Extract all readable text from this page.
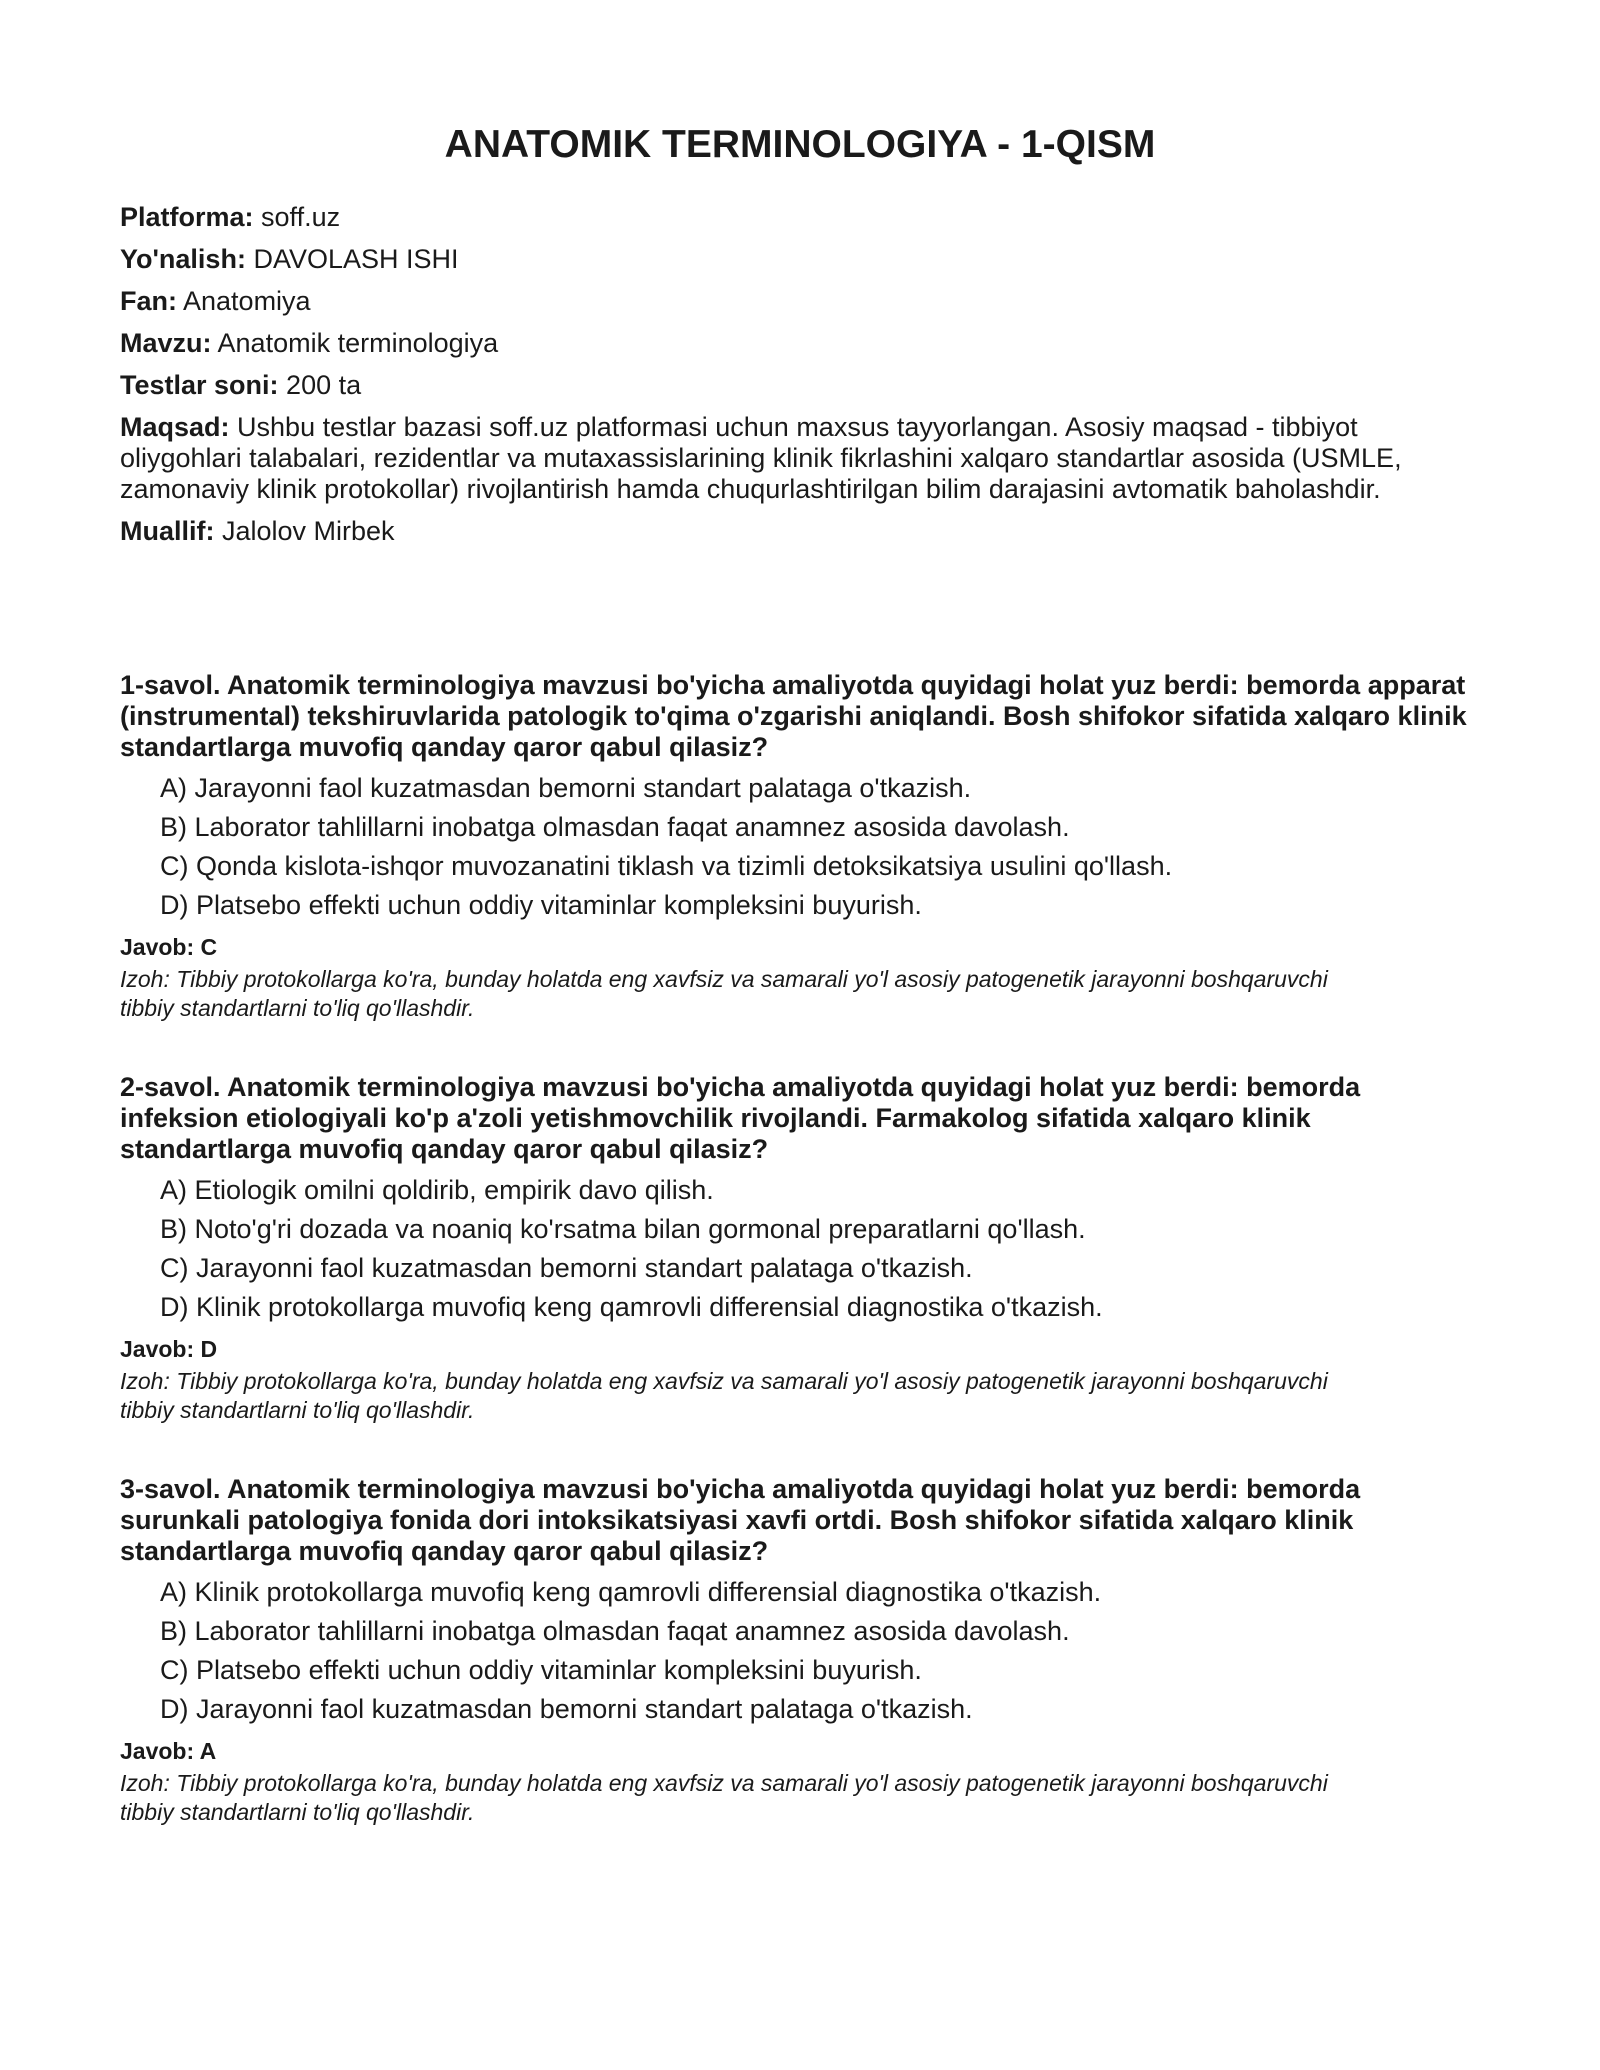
ANATOMIK TERMINOLOGIYA - 1-QISM
Platforma: soff.uz
Yo'nalish: DAVOLASH ISHI
Fan: Anatomiya
Mavzu: Anatomik terminologiya
Testlar soni: 200 ta
Maqsad: Ushbu testlar bazasi soff.uz platformasi uchun maxsus tayyorlangan. Asosiy maqsad - tibbiyot oliygohlari talabalari, rezidentlar va mutaxassislarining klinik fikrlashini xalqaro standartlar asosida (USMLE, zamonaviy klinik protokollar) rivojlantirish hamda chuqurlashtirilgan bilim darajasini avtomatik baholashdir.
Muallif: Jalolov Mirbek

1-savol. Anatomik terminologiya mavzusi bo'yicha amaliyotda quyidagi holat yuz berdi: bemorda apparat (instrumental) tekshiruvlarida patologik to'qima o'zgarishi aniqlandi. Bosh shifokor sifatida xalqaro klinik standartlarga muvofiq qanday qaror qabul qilasiz?

A) Jarayonni faol kuzatmasdan bemorni standart palataga o'tkazish.
B) Laborator tahlillarni inobatga olmasdan faqat anamnez asosida davolash.
C) Qonda kislota-ishqor muvozanatini tiklash va tizimli detoksikatsiya usulini qo'llash.
D) Platsebo effekti uchun oddiy vitaminlar kompleksini buyurish.

Javob: C

Izoh: Tibbiy protokollarga ko'ra, bunday holatda eng xavfsiz va samarali yo'l asosiy patogenetik jarayonni boshqaruvchi tibbiy standartlarni to'liq qo'llashdir.

2-savol. Anatomik terminologiya mavzusi bo'yicha amaliyotda quyidagi holat yuz berdi: bemorda infeksion etiologiyali ko'p a'zoli yetishmovchilik rivojlandi. Farmakolog sifatida xalqaro klinik standartlarga muvofiq qanday qaror qabul qilasiz?

A) Etiologik omilni qoldirib, empirik davo qilish.
B) Noto'g'ri dozada va noaniq ko'rsatma bilan gormonal preparatlarni qo'llash.
C) Jarayonni faol kuzatmasdan bemorni standart palataga o'tkazish.
D) Klinik protokollarga muvofiq keng qamrovli differensial diagnostika o'tkazish.

Javob: D

Izoh: Tibbiy protokollarga ko'ra, bunday holatda eng xavfsiz va samarali yo'l asosiy patogenetik jarayonni boshqaruvchi tibbiy standartlarni to'liq qo'llashdir.

3-savol. Anatomik terminologiya mavzusi bo'yicha amaliyotda quyidagi holat yuz berdi: bemorda surunkali patologiya fonida dori intoksikatsiyasi xavfi ortdi. Bosh shifokor sifatida xalqaro klinik standartlarga muvofiq qanday qaror qabul qilasiz?

A) Klinik protokollarga muvofiq keng qamrovli differensial diagnostika o'tkazish.
B) Laborator tahlillarni inobatga olmasdan faqat anamnez asosida davolash.
C) Platsebo effekti uchun oddiy vitaminlar kompleksini buyurish.
D) Jarayonni faol kuzatmasdan bemorni standart palataga o'tkazish.

Javob: A

Izoh: Tibbiy protokollarga ko'ra, bunday holatda eng xavfsiz va samarali yo'l asosiy patogenetik jarayonni boshqaruvchi tibbiy standartlarni to'liq qo'llashdir.
